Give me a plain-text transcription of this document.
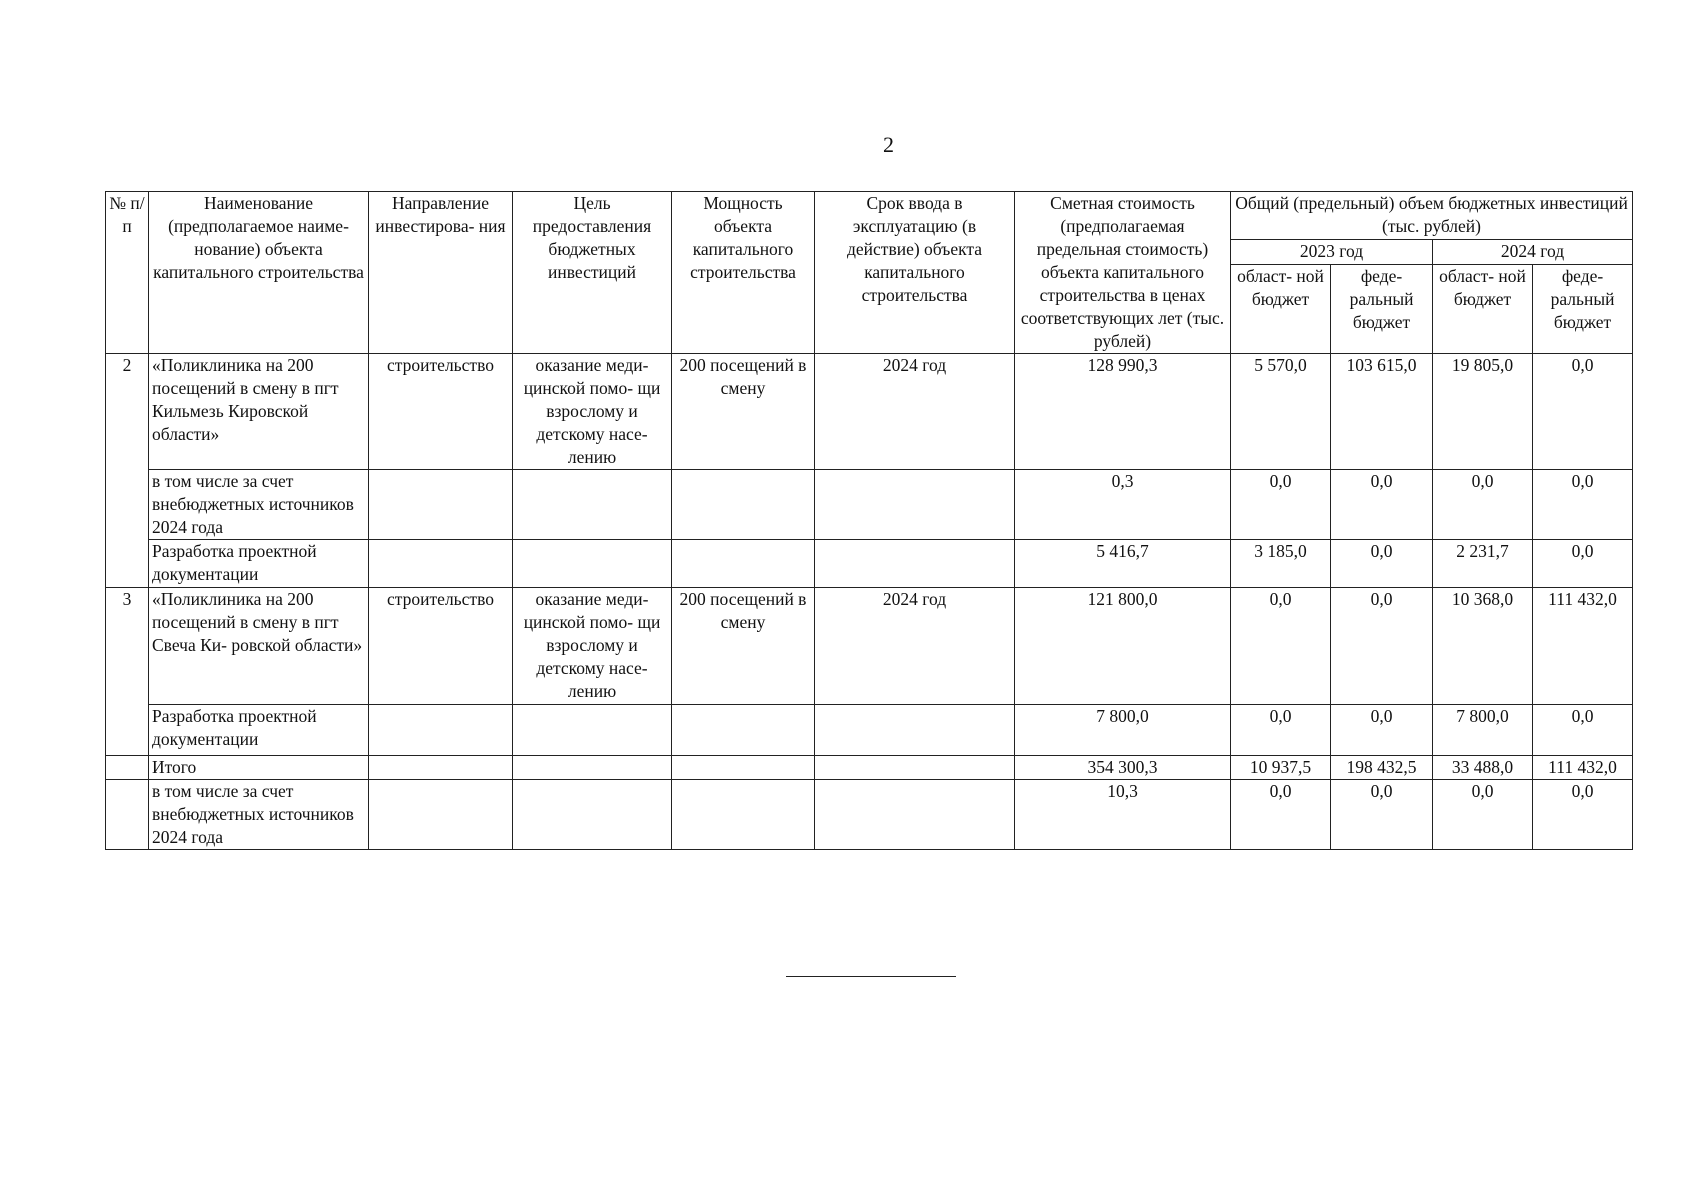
2
№ п/п	Наименование (предполагаемое наиме- нование) объекта капитального строительства	Направление инвестирова- ния	Цель предоставления бюджетных инвестиций	Мощность объекта капитального строительства	Срок ввода в эксплуатацию (в действие) объекта капитального строительства	Сметная стоимость (предполагаемая предельная стоимость) объекта капитального строительства в ценах соответствующих лет (тыс. рублей)	Общий (предельный) объем бюджетных инвестиций (тыс. рублей)			
							2023 год		2024 год	
							област- ной бюджет	феде- ральный бюджет	област- ной бюджет	феде- ральный бюджет
2	«Поликлиника на 200 посещений в смену в пгт Кильмезь Кировской области»	строительство	оказание меди- цинской помо- щи взрослому и детскому насе- лению	200 посещений в смену	2024 год	128 990,3	5 570,0	103 615,0	19 805,0	0,0
	в том числе за счет внебюджетных источников 2024 года					0,3	0,0	0,0	0,0	0,0
	Разработка проектной документации					5 416,7	3 185,0	0,0	2 231,7	0,0
3	«Поликлиника на 200 посещений в смену в пгт Свеча Ки- ровской области»	строительство	оказание меди- цинской помо- щи взрослому и детскому насе- лению	200 посещений в смену	2024 год	121 800,0	0,0	0,0	10 368,0	111 432,0
	Разработка проектной документации					7 800,0	0,0	0,0	7 800,0	0,0
	Итого					354 300,3	10 937,5	198 432,5	33 488,0	111 432,0
	в том числе за счет внебюджетных источников 2024 года					10,3	0,0	0,0	0,0	0,0
